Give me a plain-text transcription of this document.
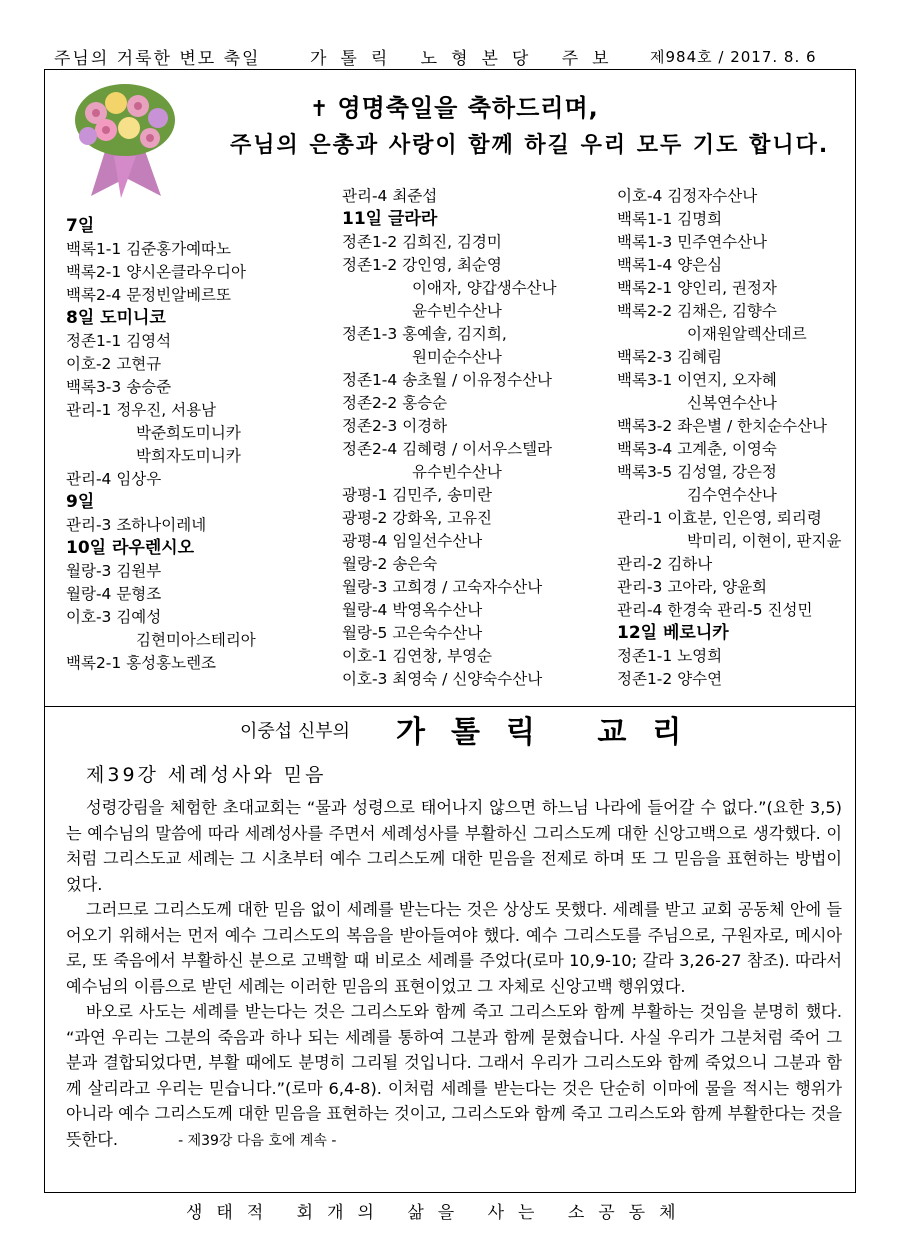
주님의 거룩한 변모 축일	가톨릭 노형본당 주보 제984호 / 2017. 8. 6
✝ 영명축일을 축하드리며,
주님의 은총과 사랑이 함께 하길 우리 모두 기도 합니다.
7일
백록1-1 김준홍가예따노
백록2-1 양시온클라우디아
백록2-4 문정빈알베르또
8일 도미니코
정존1-1 김영석
이호-2 고현규
백록3-3 송승준
관리-1 정우진, 서용남
박준희도미니카
박희자도미니카
관리-4 임상우
9일
관리-3 조하나이레네
10일 라우렌시오
월랑-3 김원부
월랑-4 문형조
이호-3 김예성
김현미아스테리아
백록2-1 홍성홍노렌조
관리-4 최준섭
11일 글라라
정존1-2 김희진, 김경미
정존1-2 강인영, 최순영
이애자, 양갑생수산나
윤수빈수산나
정존1-3 홍예솔, 김지희,
원미순수산나
정존1-4 송초월 / 이유정수산나
정존2-2 홍승순
정존2-3 이경하
정존2-4 김혜령 / 이서우스텔라
유수빈수산나
광평-1 김민주, 송미란
광평-2 강화옥, 고유진
광평-4 임일선수산나
월랑-2 송은숙
월랑-3 고희경 / 고숙자수산나
월랑-4 박영옥수산나
월랑-5 고은숙수산나
이호-1 김연창, 부영순
이호-3 최영숙 / 신양숙수산나
이호-4 김정자수산나
백록1-1 김명희
백록1-3 민주연수산나
백록1-4 양은심
백록2-1 양인리, 권정자
백록2-2 김채은, 김향수
이재원알렉산데르
백록2-3 김혜림
백록3-1 이연지, 오자혜
신복연수산나
백록3-2 좌은별 / 한치순수산나
백록3-4 고계춘, 이영숙
백록3-5 김성열, 강은정
김수연수산나
관리-1 이효분, 인은영, 뢰리령
박미리, 이현이, 판지윤
관리-2 김하나
관리-3 고아라, 양윤희
관리-4 한경숙 관리-5 진성민
12일 베로니카
정존1-1 노영희
정존1-2 양수연
이중섭 신부의 가톨릭 교리
제39강 세례성사와 믿음

성령강림을 체험한 초대교회는 “물과 성령으로 태어나지 않으면 하느님 나라에 들어갈 수 없다.”(요한 3,5)는 예수님의 말씀에 따라 세례성사를 주면서 세례성사를 부활하신 그리스도께 대한 신앙고백으로 생각했다. 이처럼 그리스도교 세례는 그 시초부터 예수 그리스도께 대한 믿음을 전제로 하며 또 그 믿음을 표현하는 방법이었다.

그러므로 그리스도께 대한 믿음 없이 세례를 받는다는 것은 상상도 못했다. 세례를 받고 교회 공동체 안에 들어오기 위해서는 먼저 예수 그리스도의 복음을 받아들여야 했다. 예수 그리스도를 주님으로, 구원자로, 메시아로, 또 죽음에서 부활하신 분으로 고백할 때 비로소 세례를 주었다(로마 10,9-10; 갈라 3,26-27 참조). 따라서 예수님의 이름으로 받던 세례는 이러한 믿음의 표현이었고 그 자체로 신앙고백 행위였다.

바오로 사도는 세례를 받는다는 것은 그리스도와 함께 죽고 그리스도와 함께 부활하는 것임을 분명히 했다. “과연 우리는 그분의 죽음과 하나 되는 세례를 통하여 그분과 함께 묻혔습니다. 사실 우리가 그분처럼 죽어 그분과 결합되었다면, 부활 때에도 분명히 그리될 것입니다. 그래서 우리가 그리스도와 함께 죽었으니 그분과 함께 살리라고 우리는 믿습니다.”(로마 6,4-8). 이처럼 세례를 받는다는 것은 단순히 이마에 물을 적시는 행위가 아니라 예수 그리스도께 대한 믿음을 표현하는 것이고, 그리스도와 함께 죽고 그리스도와 함께 부활한다는 것을 뜻한다.	- 제39강 다음 호에 계속 -

생태적 회개의 삶을 사는 소공동체
